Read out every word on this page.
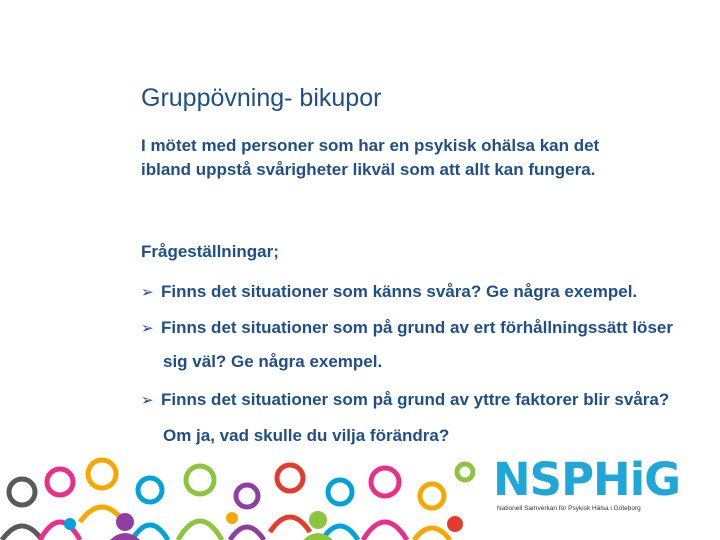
Gruppövning- bikupor
I mötet med personer som har en psykisk ohälsa kan det
ibland uppstå svårigheter likväl som att allt kan fungera.
Frågeställningar;
➢ Finns det situationer som känns svåra? Ge några exempel.
➢ Finns det situationer som på grund av ert förhållningssätt löser
sig väl? Ge några exempel.
➢ Finns det situationer som på grund av yttre faktorer blir svåra?
Om ja, vad skulle du vilja förändra?
NSPHiG
Nationell Samverkan för Psykisk Hälsa i Göteborg
